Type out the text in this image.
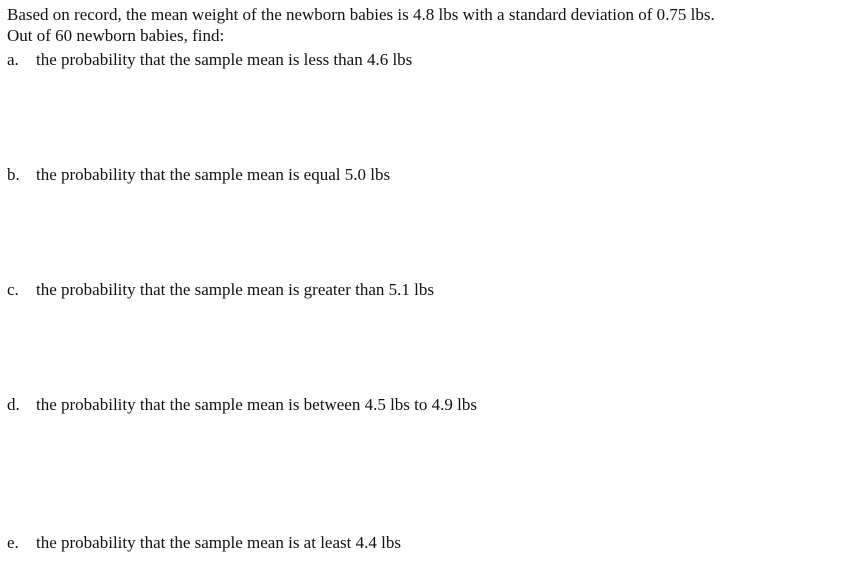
Based on record, the mean weight of the newborn babies is 4.8 lbs with a standard deviation of 0.75 lbs.
Out of 60 newborn babies, find:
a. the probability that the sample mean is less than 4.6 lbs
b. the probability that the sample mean is equal 5.0 lbs
c. the probability that the sample mean is greater than 5.1 lbs
d. the probability that the sample mean is between 4.5 lbs to 4.9 lbs
e. the probability that the sample mean is at least 4.4 lbs
